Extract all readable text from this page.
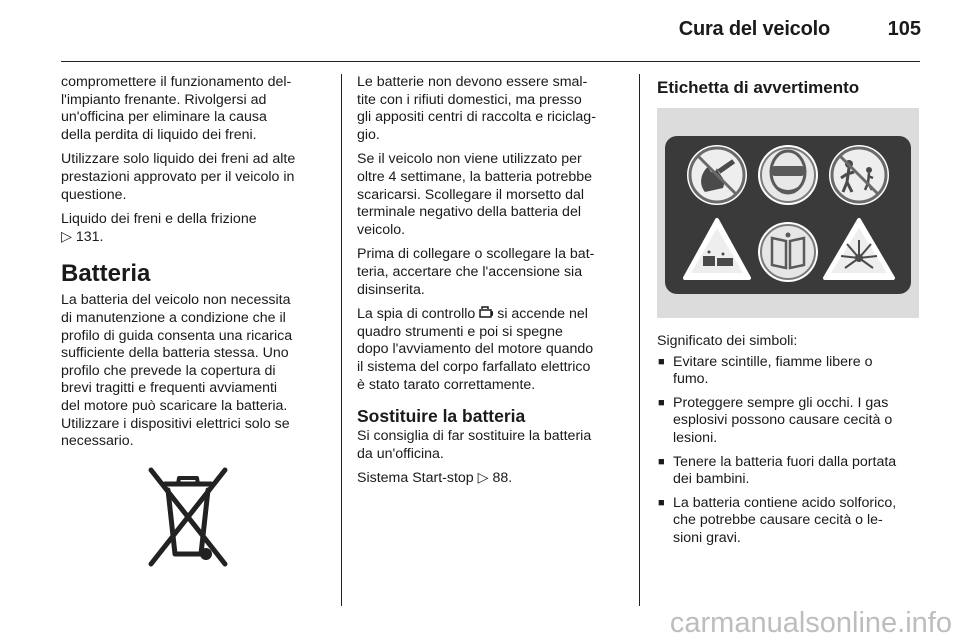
Cura del veicolo	105

compromettere il funzionamento del-
l'impianto frenante. Rivolgersi ad
un'officina per eliminare la causa
della perdita di liquido dei freni.

Utilizzare solo liquido dei freni ad alte
prestazioni approvato per il veicolo in
questione.

Liquido dei freni e della frizione
▷ 131.

Batteria

La batteria del veicolo non necessita
di manutenzione a condizione che il
profilo di guida consenta una ricarica
sufficiente della batteria stessa. Uno
profilo che prevede la copertura di
brevi tragitti e frequenti avviamenti
del motore può scaricare la batteria.
Utilizzare i dispositivi elettrici solo se
necessario.

Le batterie non devono essere smal-
tite con i rifiuti domestici, ma presso
gli appositi centri di raccolta e riciclag-
gio.

Se il veicolo non viene utilizzato per
oltre 4 settimane, la batteria potrebbe
scaricarsi. Scollegare il morsetto dal
terminale negativo della batteria del
veicolo.

Prima di collegare o scollegare la bat-
teria, accertare che l'accensione sia
disinserita.

La spia di controllo si accende nel
quadro strumenti e poi si spegne
dopo l'avviamento del motore quando
il sistema del corpo farfallato elettrico
è stato tarato correttamente.

Sostituire la batteria

Si consiglia di far sostituire la batteria
da un'officina.

Sistema Start-stop ▷ 88.

Etichetta di avvertimento

Significato dei simboli:

■ Evitare scintille, fiamme libere o
fumo.
■ Proteggere sempre gli occhi. I gas
esplosivi possono causare cecità o
lesioni.
■ Tenere la batteria fuori dalla portata
dei bambini.
■ La batteria contiene acido solforico,
che potrebbe causare cecità o le-
sioni gravi.
carmanualsonline.info
